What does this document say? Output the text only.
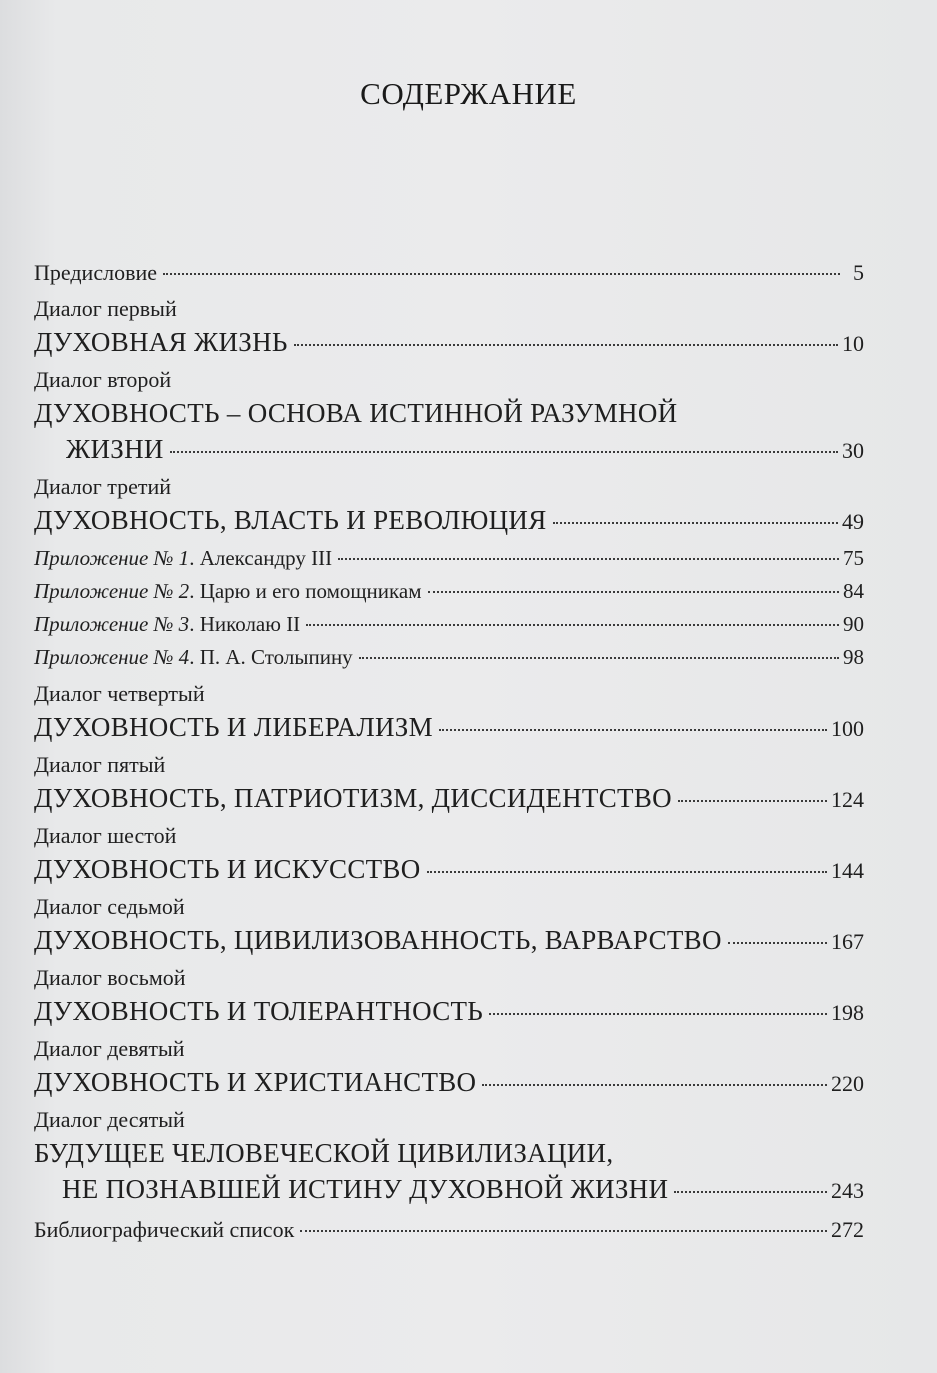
СОДЕРЖАНИЕ
Предисловие	5
Диалог первый
ДУХОВНАЯ ЖИЗНЬ	10
Диалог второй
ДУХОВНОСТЬ – ОСНОВА ИСТИННОЙ РАЗУМНОЙ
ЖИЗНИ	30
Диалог третий
ДУХОВНОСТЬ, ВЛАСТЬ И РЕВОЛЮЦИЯ	49
Приложение № 1. Александру III	75
Приложение № 2. Царю и его помощникам	84
Приложение № 3. Николаю II	90
Приложение № 4. П. А. Столыпину	98
Диалог четвертый
ДУХОВНОСТЬ И ЛИБЕРАЛИЗМ	100
Диалог пятый
ДУХОВНОСТЬ, ПАТРИОТИЗМ, ДИССИДЕНТСТВО	124
Диалог шестой
ДУХОВНОСТЬ И ИСКУССТВО	144
Диалог седьмой
ДУХОВНОСТЬ, ЦИВИЛИЗОВАННОСТЬ, ВАРВАРСТВО	167
Диалог восьмой
ДУХОВНОСТЬ И ТОЛЕРАНТНОСТЬ	198
Диалог девятый
ДУХОВНОСТЬ И ХРИСТИАНСТВО	220
Диалог десятый
БУДУЩЕЕ ЧЕЛОВЕЧЕСКОЙ ЦИВИЛИЗАЦИИ,
НЕ ПОЗНАВШЕЙ ИСТИНУ ДУХОВНОЙ ЖИЗНИ	243
Библиографический список	272
